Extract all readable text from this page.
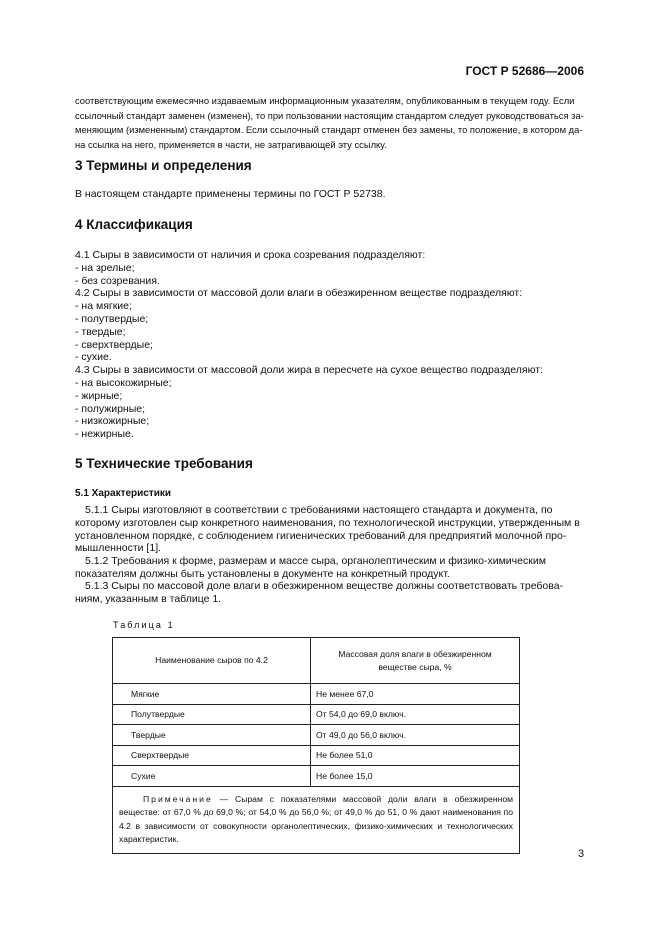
ГОСТ Р 52686—2006
соответствующим ежемесячно издаваемым информационным указателям, опубликованным в текущем году. Если
ссылочный стандарт заменен (изменен), то при пользовании настоящим стандартом следует руководствоваться за-
меняющим (измененным) стандартом. Если ссылочный стандарт отменен без замены, то положение, в котором да-
на ссылка на него, применяется в части, не затрагивающей эту ссылку.
3 Термины и определения
В настоящем стандарте применены термины по ГОСТ Р 52738.
4 Классификация
4.1 Сыры в зависимости от наличия и срока созревания подразделяют:
- на зрелые;
- без созревания.
4.2 Сыры в зависимости от массовой доли влаги в обезжиренном веществе подразделяют:
- на мягкие;
- полутвердые;
- твердые;
- сверхтвердые;
- сухие.
4.3 Сыры в зависимости от массовой доли жира в пересчете на сухое вещество подразделяют:
- на высокожирные;
- жирные;
- полужирные;
- низкожирные;
- нежирные.
5 Технические требования
5.1 Характеристики
5.1.1 Сыры изготовляют в соответствии с требованиями настоящего стандарта и документа, по
которому изготовлен сыр конкретного наименования, по технологической инструкции, утвержденным в
установленном порядке, с соблюдением гигиенических требований для предприятий молочной про-
мышленности [1].
5.1.2 Требования к форме, размерам и массе сыра, органолептическим и физико-химическим
показателям должны быть установлены в документе на конкретный продукт.
5.1.3 Сыры по массовой доле влаги в обезжиренном веществе должны соответствовать требова-
ниям, указанным в таблице 1.
Таблица 1
Наименование сыров по 4.2	Массовая доля влаги в обезжиренном веществе сыра, %
Мягкие	Не менее 67,0
Полутвердые	От 54,0 до 69,0 включ.
Твердые	От 49,0 до 56,0 включ.
Сверхтвердые	Не более 51,0
Сухие	Не более 15,0
Примечание — Сырам с показателями массовой доли влаги в обезжиренном веществе: от 67,0 % до 69,0 %; от 54,0 % до 56,0 %; от 49,0 % до 51, 0 % дают наименования по 4.2 в зависимости от совокупности органолептических, физико-химических и технологических характеристик.	
3
